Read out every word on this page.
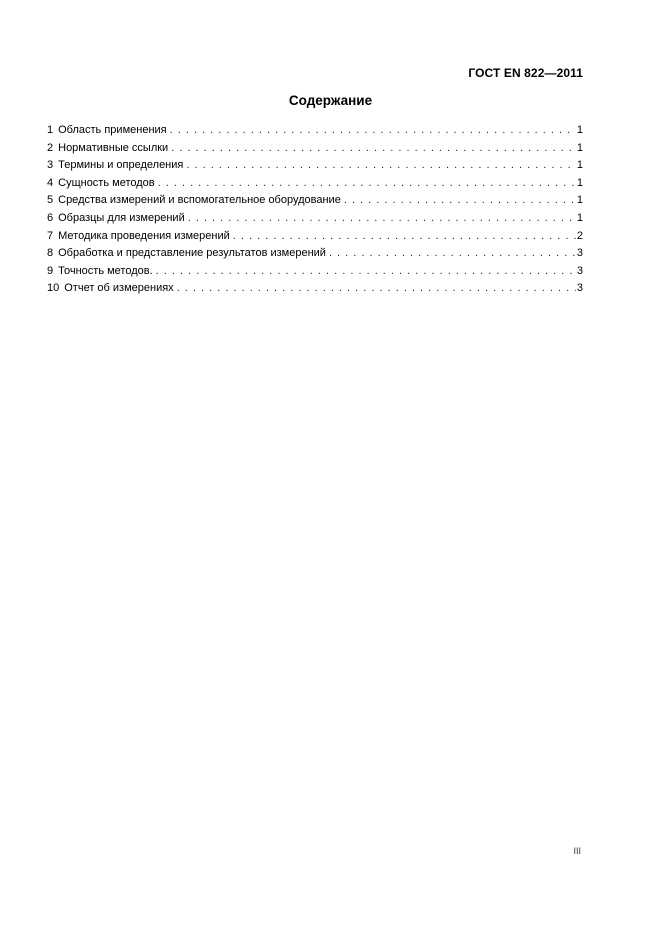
ГОСТ EN 822—2011
Содержание
1 Область применения . . .	1
2 Нормативные ссылки . . .	1
3 Термины и определения . . .	1
4 Сущность методов . . .	1
5 Средства измерений и вспомогательное оборудование . . .	1
6 Образцы для измерений . . .	1
7 Методика проведения измерений . . .	2
8 Обработка и представление результатов измерений . . .	3
9 Точность методов. . . .	3
10 Отчет об измерениях . . .	3
III
